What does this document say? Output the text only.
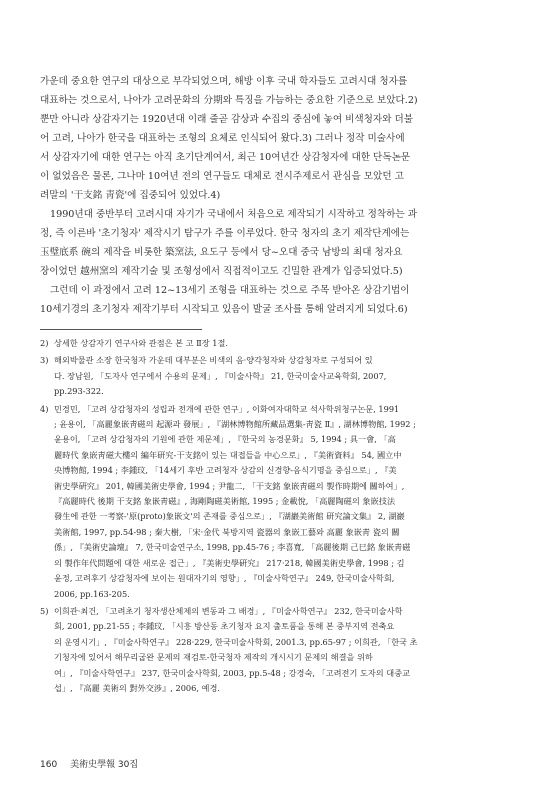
가운데 중요한 연구의 대상으로 부각되었으며, 해방 이후 국내 학자들도 고려시대 청자를
대표하는 것으로서, 나아가 고려문화의 分期와 특징을 가늠하는 중요한 기준으로 보았다.2)
뿐만 아니라 상감자기는 1920년대 이래 줄곧 감상과 수집의 중심에 놓여 비색청자와 더불
어 고려, 나아가 한국을 대표하는 조형의 요체로 인식되어 왔다.3) 그러나 정작 미술사에
서 상감자기에 대한 연구는 아직 초기단계여서, 최근 10여년간 상감청자에 대한 단독논문
이 없었음은 물론, 그나마 10여년 전의 연구들도 대체로 전시주제로서 관심을 모았던 고
려말의 '干支銘 靑瓷'에 집중되어 있었다.4)
1990년대 중반부터 고려시대 자기가 국내에서 처음으로 제작되기 시작하고 정착하는 과
정, 즉 이른바 '초기청자' 제작시기 탐구가 주를 이루었다. 한국 청자의 초기 제작단계에는
玉璧底系 碗의 제작을 비롯한 築窯法, 요도구 등에서 당~오대 중국 남방의 최대 청자요
장이었던 越州窯의 제작기술 및 조형성에서 직접적이고도 긴밀한 관계가 입증되었다.5)
그런데 이 과정에서 고려 12~13세기 조형을 대표하는 것으로 주목 받아온 상감기법이
10세기경의 초기청자 제작기부터 시작되고 있음이 발굴 조사를 통해 알려지게 되었다.6)
2) 상세한 상감자기 연구사와 관점은 본 고 Ⅱ장 1절.
3) 해외박물관 소장 한국청자 가운데 대부분은 비색의 음·양각청자와 상감청자로 구성되어 있
다. 장남원, 「도자사 연구에서 수용의 문제」, 『미술사학』 21, 한국미술사교육학회, 2007,
pp.293-322.
4) 민경민, 「고려 상감청자의 성립과 전개에 관한 연구」, 이화여자대학교 석사학위청구논문, 1991
; 윤용이, 「高麗象嵌靑磁의 起源과 發展」, 『湖林博物館所藏品選集-靑瓷 Ⅱ』, 湖林博物館, 1992 ;
윤용이, 「고려 상감청자의 기원에 관한 제문제」, 『한국의 농경문화』 5, 1994 ; 具一會, 「高
麗時代 象嵌靑磁大樓의 編年研究-干支銘이 있는 대접들을 中心으로」, 『美術資料』 54, 國立中
央博物館, 1994 ; 李鍾玟, 「14세기 후반 고려청자 상감의 신경향-음식기명을 중심으로」, 『美
術史學硏究』 201, 韓國美術史學會, 1994 ; 尹龍二, 「干支銘 象嵌靑磁의 製作時期에 關하여」,
『高麗時代 後期 干支銘 象嵌靑磁』, 海剛陶磁美術館, 1995 ; 金載悅, 「高麗陶磁의 象嵌技法
發生에 관한 一考察-'原(proto)象嵌文'의 존재를 중심으로」, 『湖巖美術館 研究論文集』 2, 湖巖
美術館, 1997, pp.54-98 ; 秦大樹, 「宋·金代 북방지역 瓷器의 象嵌工藝와 高麗 象嵌靑 瓷의 關
係」, 『美術史論壇』 7, 한국미술연구소, 1998, pp.45-76 ; 李喜寬, 「高麗後期 己巳銘 象嵌靑磁
의 製作年代問題에 대한 새로운 접근」, 『美術史學硏究』 217·218, 韓國美術史學會, 1998 ; 김
윤정, 고려후기 상감청자에 보이는 원대자기의 영향」, 『미술사학연구』 249, 한국미술사학회,
2006, pp.163-205.
5) 이희관·최건, 「고려초기 청자생산체제의 변동과 그 배경」, 『미술사학연구』 232, 한국미술사학
회, 2001, pp.21-55 ; 李鍾玟, 「시흥 방산동 초기청자 요지 출토품을 통해 본 중부지역 전축요
의 운영시기」, 『미술사학연구』 228·229, 한국미술사학회, 2001.3, pp.65-97 ; 이희관, 「한국 초
기청자에 있어서 해무리굽완 문제의 재검토-한국청자 제작의 개시시기 문제의 해결을 위하
여」, 『미술사학연구』 237, 한국미술사학회, 2003, pp.5-48 ; 강경숙, 「고려전기 도자의 대중교
섭」, 『高麗 美術의 對外交涉』, 2006, 예경.
160 美術史學報 30집
